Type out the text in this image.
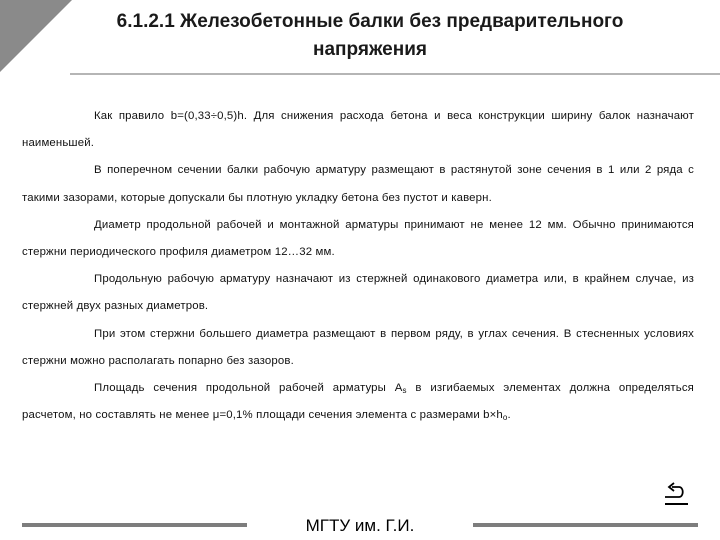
6.1.2.1 Железобетонные балки без предварительного
напряжения

Как правило b=(0,33÷0,5)h. Для снижения расхода бетона и веса конструкции ширину балок назначают наименьшей.

В поперечном сечении балки рабочую арматуру размещают в растянутой зоне сечения в 1 или 2 ряда с такими зазорами, которые допускали бы плотную укладку бетона без пустот и каверн.

Диаметр продольной рабочей и монтажной арматуры принимают не менее 12 мм. Обычно принимаются стержни периодического профиля диаметром 12…32 мм.

Продольную рабочую арматуру назначают из стержней одинакового диаметра или, в крайнем случае, из стержней двух разных диаметров.

При этом стержни большего диаметра размещают в первом ряду, в углах сечения. В стесненных условиях стержни можно располагать попарно без зазоров.

Площадь сечения продольной рабочей арматуры $A_s$ в изгибаемых элементах должна определяться расчетом, но составлять не менее μ=0,1% площади сечения элемента с размерами $b\times h_o$.

МГТУ им. Г.И.
